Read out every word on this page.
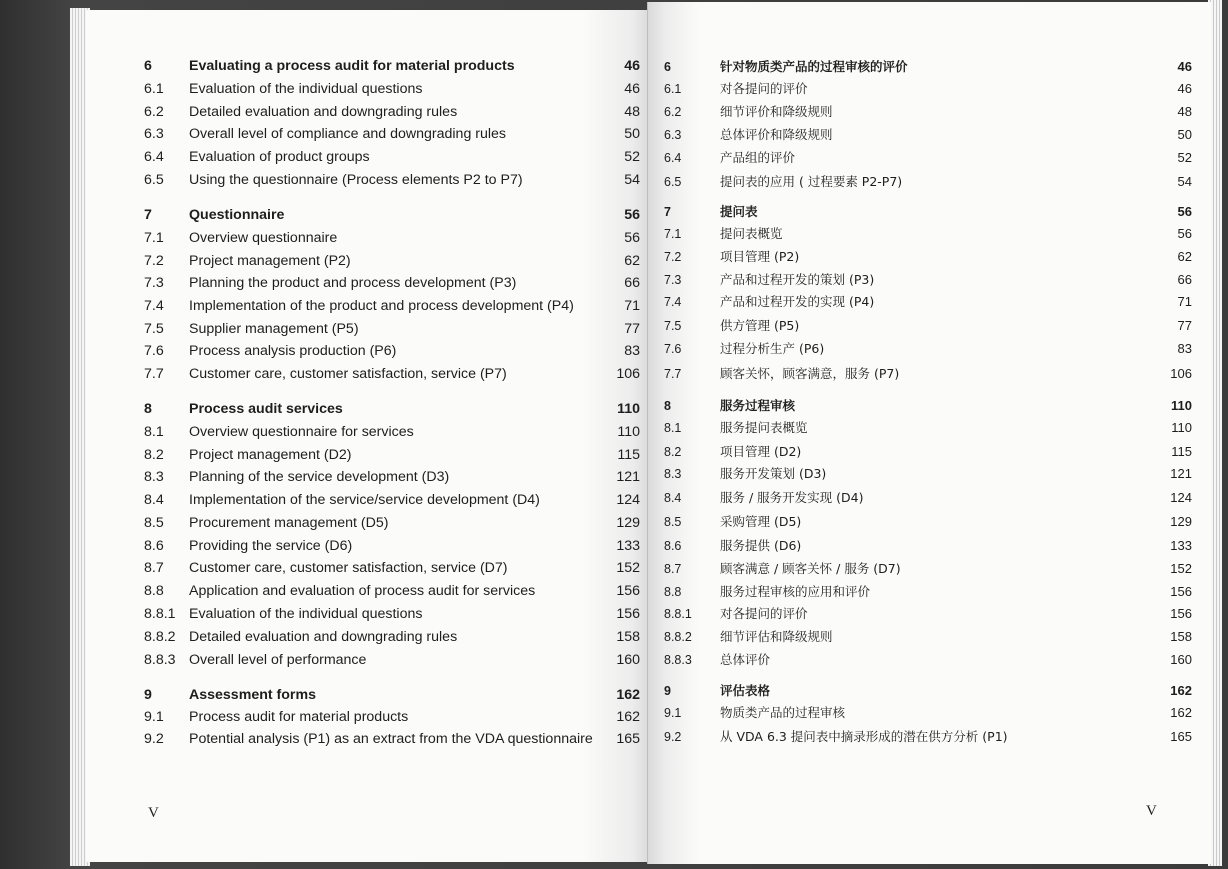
V
6	Evaluating a process audit for material products	46
6.1 Evaluation of the individual questions	46
6.2 Detailed evaluation and downgrading rules	48
6.3 Overall level of compliance and downgrading rules	50
6.4 Evaluation of product groups	52
6.5 Using the questionnaire (Process elements P2 to P7)	54
7	Questionnaire	56
7.1 Overview questionnaire	56
7.2 Project management (P2)	62
7.3 Planning the product and process development (P3)	66
7.4 Implementation of the product and process development (P4)	71
7.5 Supplier management (P5)	77
7.6 Process analysis production (P6)	83
7.7 Customer care, customer satisfaction, service (P7)	106
8	Process audit services	110
8.1 Overview questionnaire for services	110
8.2 Project management (D2)	115
8.3 Planning of the service development (D3)	121
8.4 Implementation of the service/service development (D4)	124
8.5 Procurement management (D5)	129
8.6 Providing the service (D6)	133
8.7 Customer care, customer satisfaction, service (D7)	152
8.8 Application and evaluation of process audit for services	156
8.8.1 Evaluation of the individual questions	156
8.8.2 Detailed evaluation and downgrading rules	158
8.8.3 Overall level of performance	160
9	Assessment forms	162
9.1 Process audit for material products	162
9.2 Potential analysis (P1) as an extract from the VDA questionnaire	165
V
6	针对物质类产品的过程审核的评价	46
6.1	对各提问的评价	46
6.2	细节评价和降级规则	48
6.3	总体评价和降级规则	50
6.4	产品组的评价	52
6.5	提问表的应用 ( 过程要素 P2-P7)	54
7	提问表	56
7.1	提问表概览	56
7.2	项目管理 (P2)	62
7.3	产品和过程开发的策划 (P3)	66
7.4	产品和过程开发的实现 (P4)	71
7.5	供方管理 (P5)	77
7.6	过程分析生产 (P6)	83
7.7	顾客关怀，顾客满意，服务 (P7)	106
8	服务过程审核	110
8.1	服务提问表概览	110
8.2	项目管理 (D2)	115
8.3	服务开发策划 (D3)	121
8.4	服务 / 服务开发实现 (D4)	124
8.5	采购管理 (D5)	129
8.6	服务提供 (D6)	133
8.7	顾客满意 / 顾客关怀 / 服务 (D7)	152
8.8	服务过程审核的应用和评价	156
8.8.1 对各提问的评价	156
8.8.2 细节评估和降级规则	158
8.8.3 总体评价	160
9	评估表格	162
9.1	物质类产品的过程审核	162
9.2	从 VDA 6.3 提问表中摘录形成的潜在供方分析 (P1)	165
